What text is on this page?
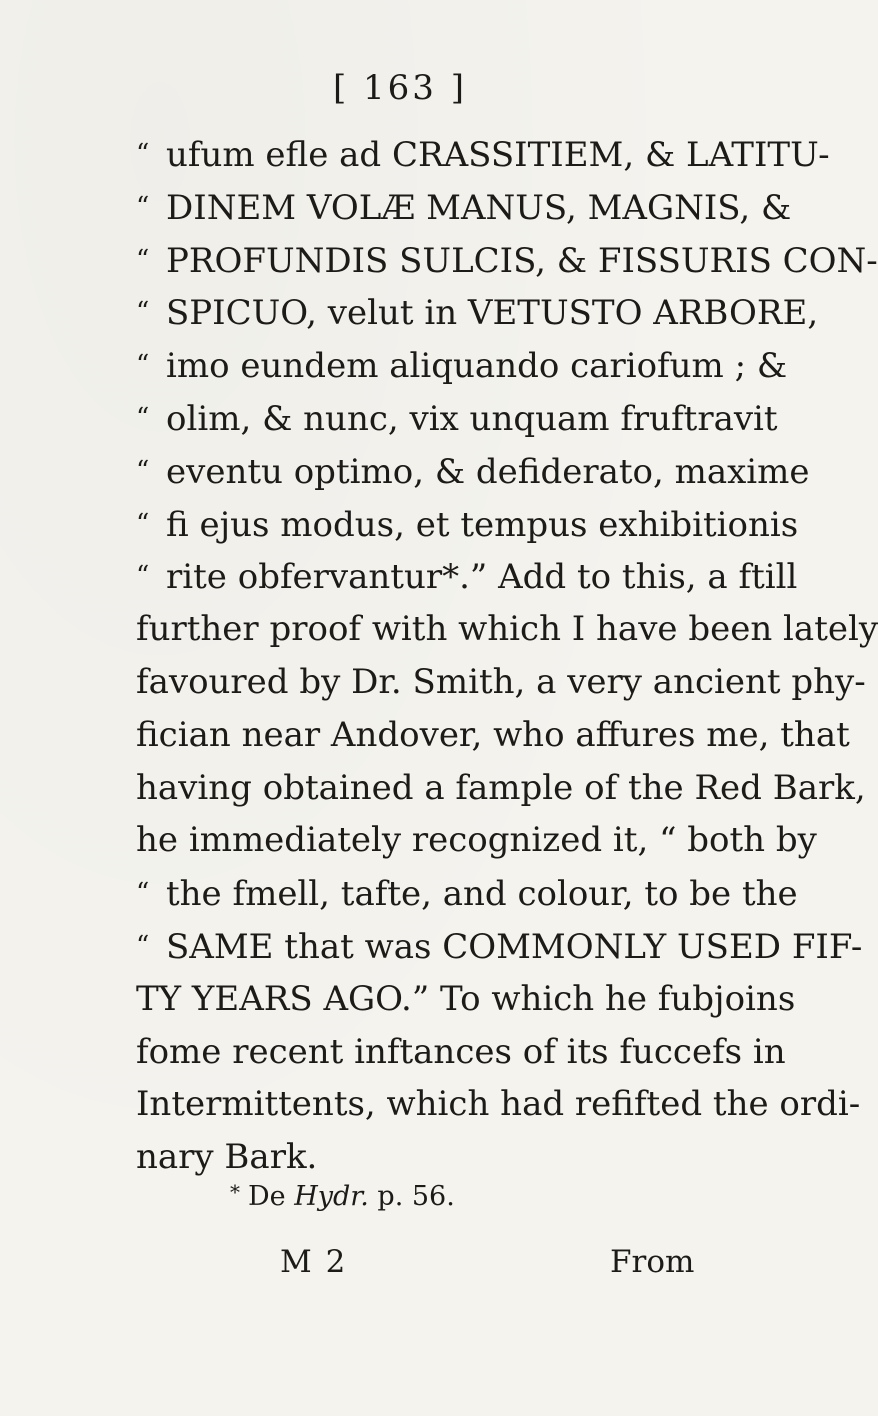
[ 163 ]
“ ufum efle ad CRASSITIEM, & LATITU-
“ DINEM VOLÆ MANUS, MAGNIS, &
“ PROFUNDIS SULCIS, & FISSURIS CON-
“ SPICUO, velut in VETUSTO ARBORE,
“ imo eundem aliquando cariofum ; &
“ olim, & nunc, vix unquam fruftravit
“ eventu optimo, & defiderato, maxime
“ fi ejus modus, et tempus exhibitionis
“ rite obfervantur*.” Add to this, a ftill
further proof with which I have been lately
favoured by Dr. Smith, a very ancient phy-
fician near Andover, who affures me, that
having obtained a fample of the Red Bark,
he immediately recognized it, “ both by
“ the fmell, tafte, and colour, to be the
“ SAME that was COMMONLY USED FIF-
TY YEARS AGO.” To which he fubjoins
fome recent inftances of its fuccefs in
Intermittents, which had refifted the ordi-
nary Bark.
* De Hydr. p. 56.
M 2	From
